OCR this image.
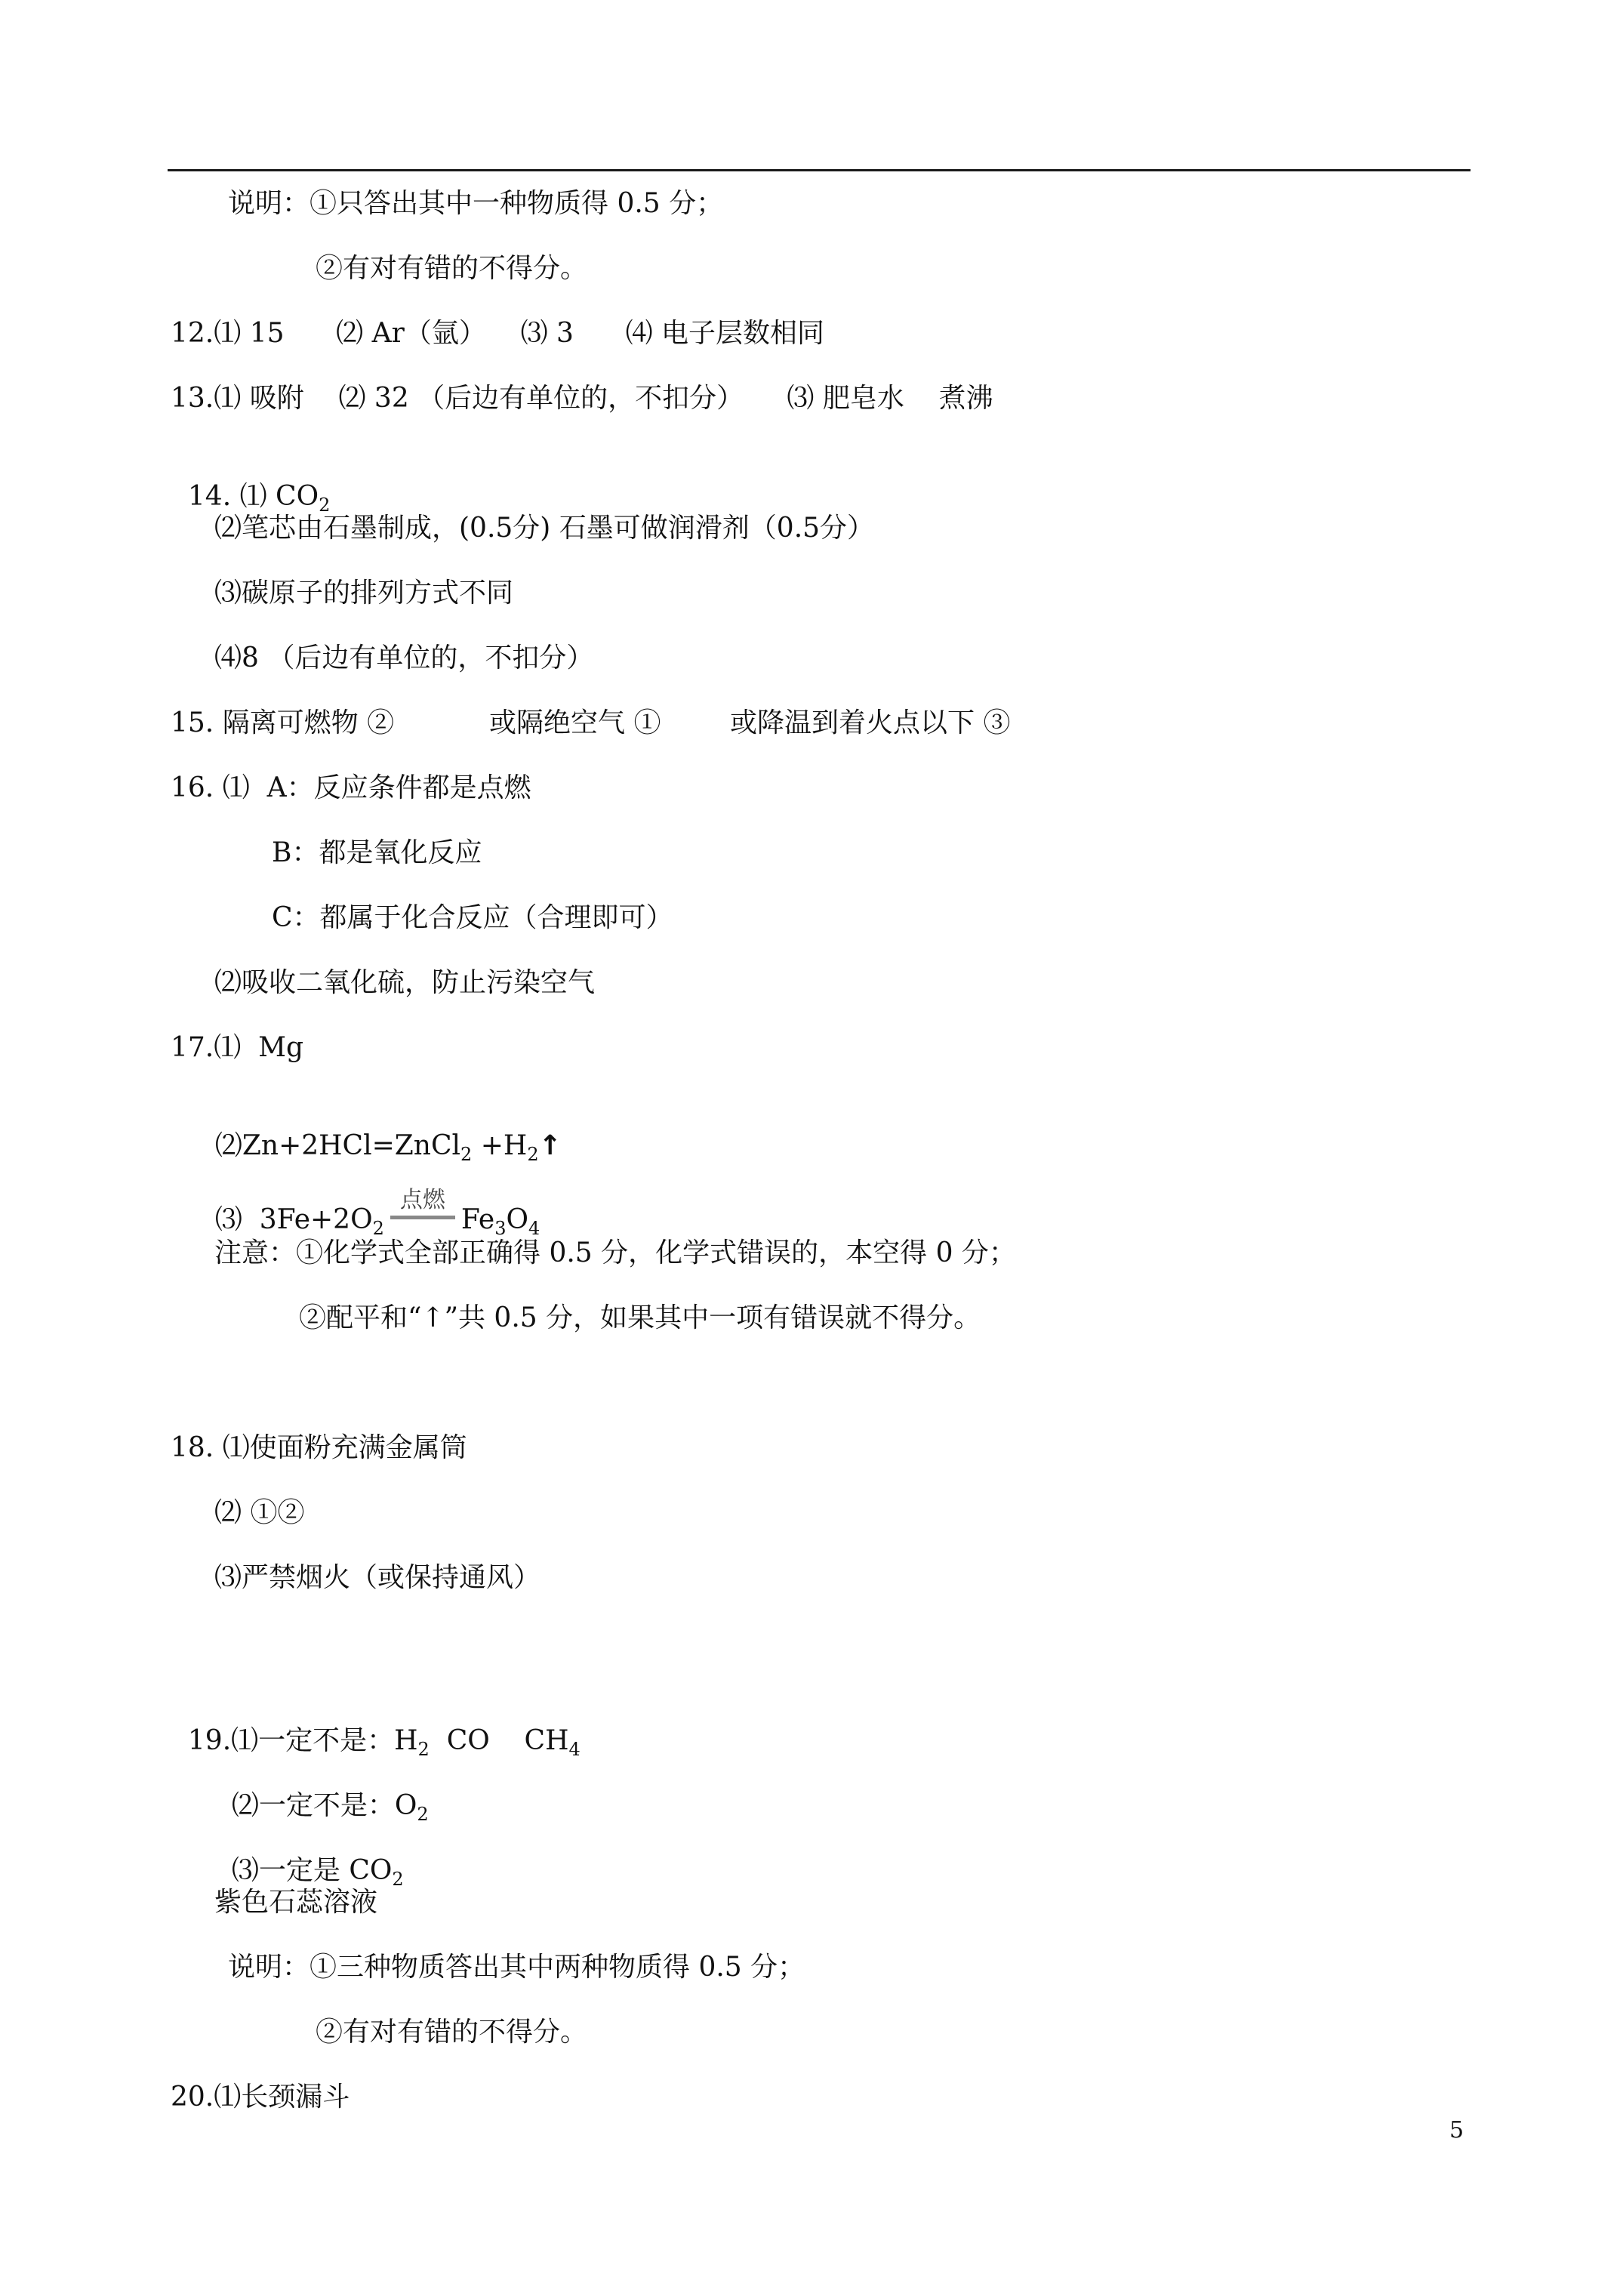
说明：①只答出其中一种物质得 0.5 分；
②有对有错的不得分。
12.⑴ 15      ⑵ Ar（氩）    ⑶ 3      ⑷ 电子层数相同
13.⑴ 吸附    ⑵ 32 （后边有单位的，不扣分）     ⑶ 肥皂水    煮沸

14. ⑴ $CO_2$

⑵笔芯由石墨制成，(0.5分) 石墨可做润滑剂（0.5分）
⑶碳原子的排列方式不同
⑷8 （后边有单位的，不扣分）
15. 隔离可燃物 ②           或隔绝空气 ①        或降温到着火点以下 ③
16. ⑴  A：反应条件都是点燃
B：都是氧化反应
C：都属于化合反应（合理即可）
⑵吸收二氧化硫，防止污染空气
17.⑴  Mg

⑵Zn+2HCl=ZnCl$_2$ $+H_2↑$

⑶  $3Fe+2O_2$
点燃
$Fe_3O_4$

注意：①化学式全部正确得 0.5 分，化学式错误的，本空得 0 分；
②配平和“↑”共 0.5 分，如果其中一项有错误就不得分。
18. ⑴使面粉充满金属筒
⑵ ①②
⑶严禁烟火（或保持通风）

19.⑴一定不是：$H_2$  CO    $CH_4$

⑵一定不是：$O_2$

⑶一定是 $CO_2$

紫色石蕊溶液
说明：①三种物质答出其中两种物质得 0.5 分；
②有对有错的不得分。
20.⑴长颈漏斗
5
